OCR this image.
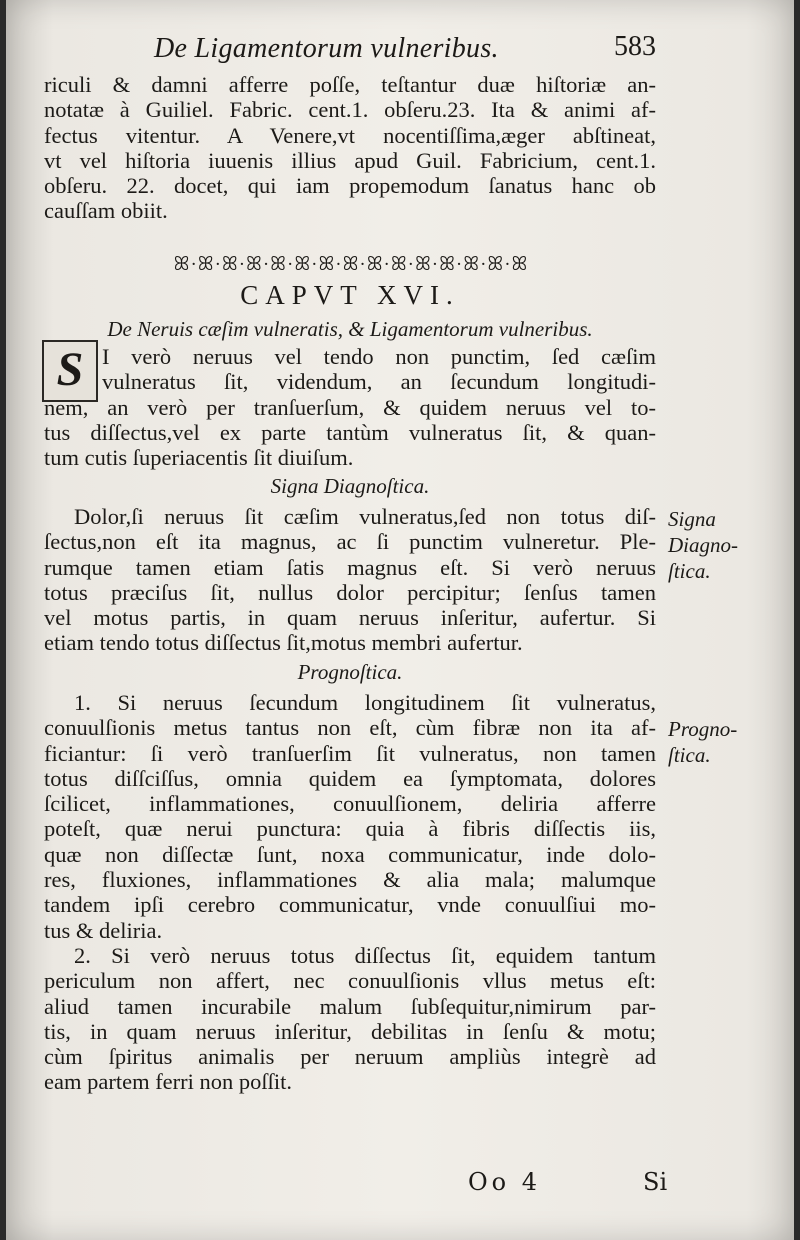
De Ligamentorum vulneribus.	583
riculi & damni afferre poſſe, teſtantur duæ hiſtoriæ an-
notatæ à Guiliel. Fabric. cent.1. obſeru.23. Ita & animi af-
fectus vitentur. A Venere,vt nocentiſſima,æger abſtineat,
vt vel hiſtoria iuuenis illius apud Guil. Fabricium, cent.1.
obſeru. 22. docet, qui iam propemodum ſanatus hanc ob
cauſſam obiit.
ꕤ·ꕤ·ꕤ·ꕤ·ꕤ·ꕤ·ꕤ·ꕤ·ꕤ·ꕤ·ꕤ·ꕤ·ꕤ·ꕤ·ꕤ
CAPVT XVI.
De Neruis cæſim vulneratis, & Ligamentorum vulneribus.
S I verò neruus vel tendo non punctim, ſed cæſim
vulneratus ſit, videndum, an ſecundum longitudi-
nem, an verò per tranſuerſum, & quidem neruus vel to-
tus diſſectus,vel ex parte tantùm vulneratus ſit, & quan-
tum cutis ſuperiacentis ſit diuiſum.
Signa Diagnoſtica.
Dolor,ſi neruus ſit cæſim vulneratus,ſed non totus diſ-
ſectus,non eſt ita magnus, ac ſi punctim vulneretur. Ple-
rumque tamen etiam ſatis magnus eſt. Si verò neruus
totus præciſus ſit, nullus dolor percipitur; ſenſus tamen
vel motus partis, in quam neruus inſeritur, aufertur. Si
etiam tendo totus diſſectus ſit,motus membri aufertur.
Prognoſtica.
1. Si neruus ſecundum longitudinem ſit vulneratus,
conuulſionis metus tantus non eſt, cùm fibræ non ita af-
ficiantur: ſi verò tranſuerſim ſit vulneratus, non tamen
totus diſſciſſus, omnia quidem ea ſymptomata, dolores
ſcilicet, inflammationes, conuulſionem, deliria afferre
poteſt, quæ nerui punctura: quia à fibris diſſectis iis,
quæ non diſſectæ ſunt, noxa communicatur, inde dolo-
res, fluxiones, inflammationes & alia mala; malumque
tandem ipſi cerebro communicatur, vnde conuulſiui mo-
tus & deliria.
2. Si verò neruus totus diſſectus ſit, equidem tantum
periculum non affert, nec conuulſionis vllus metus eſt:
aliud tamen incurabile malum ſubſequitur,nimirum par-
tis, in quam neruus inſeritur, debilitas in ſenſu & motu;
cùm ſpiritus animalis per neruum ampliùs integrè ad
eam partem ferri non poſſit.
Signa
Diagno-
ſtica.
Progno-
ſtica.
Oo 4	Si
